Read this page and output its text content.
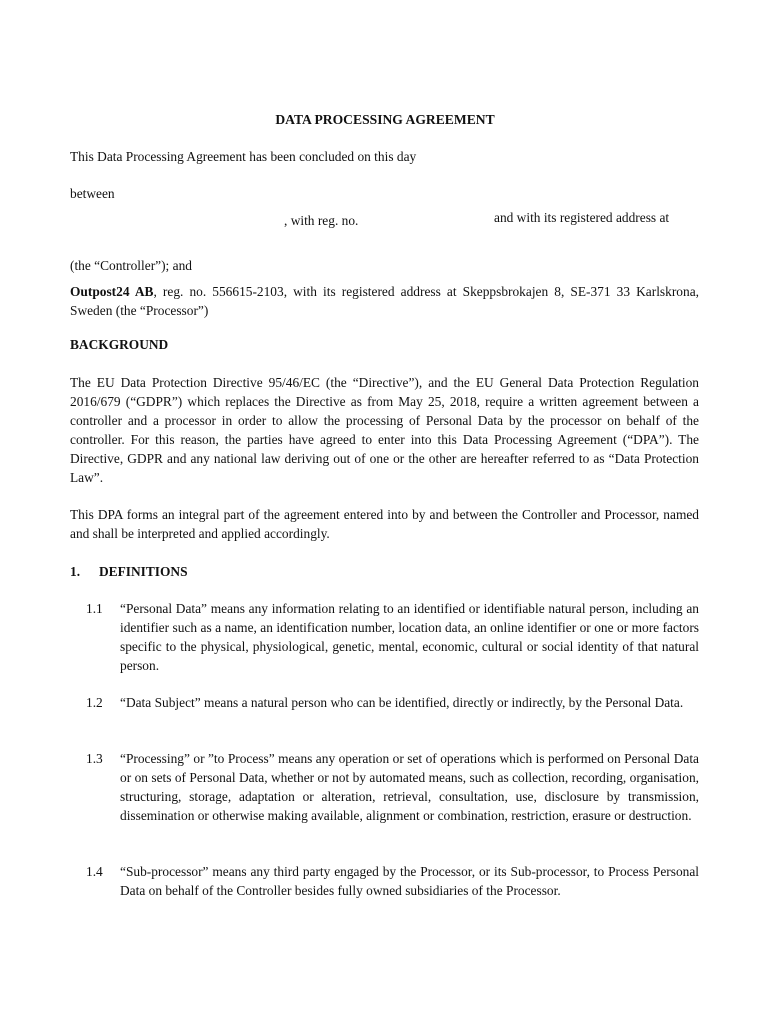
DATA PROCESSING AGREEMENT
This Data Processing Agreement has been concluded on this day
between
, with reg. no.	and with its registered address at
(the “Controller”); and
Outpost24 AB, reg. no. 556615-2103, with its registered address at Skeppsbrokajen 8, SE-371 33 Karlskrona, Sweden (the “Processor”)
BACKGROUND
The EU Data Protection Directive 95/46/EC (the “Directive”), and the EU General Data Protection Regulation 2016/679 (“GDPR”) which replaces the Directive as from May 25, 2018, require a written agreement between a controller and a processor in order to allow the processing of Personal Data by the processor on behalf of the controller. For this reason, the parties have agreed to enter into this Data Processing Agreement (“DPA”). The Directive, GDPR and any national law deriving out of one or the other are hereafter referred to as “Data Protection Law”.
This DPA forms an integral part of the agreement entered into by and between the Controller and Processor, named and shall be interpreted and applied accordingly.
1. DEFINITIONS
1.1 “Personal Data” means any information relating to an identified or identifiable natural person, including an identifier such as a name, an identification number, location data, an online identifier or one or more factors specific to the physical, physiological, genetic, mental, economic, cultural or social identity of that natural person.
1.2 “Data Subject” means a natural person who can be identified, directly or indirectly, by the Personal Data.
1.3 “Processing” or ”to Process” means any operation or set of operations which is performed on Personal Data or on sets of Personal Data, whether or not by automated means, such as collection, recording, organisation, structuring, storage, adaptation or alteration, retrieval, consultation, use, disclosure by transmission, dissemination or otherwise making available, alignment or combination, restriction, erasure or destruction.
1.4 “Sub-processor” means any third party engaged by the Processor, or its Sub-processor, to Process Personal Data on behalf of the Controller besides fully owned subsidiaries of the Processor.
